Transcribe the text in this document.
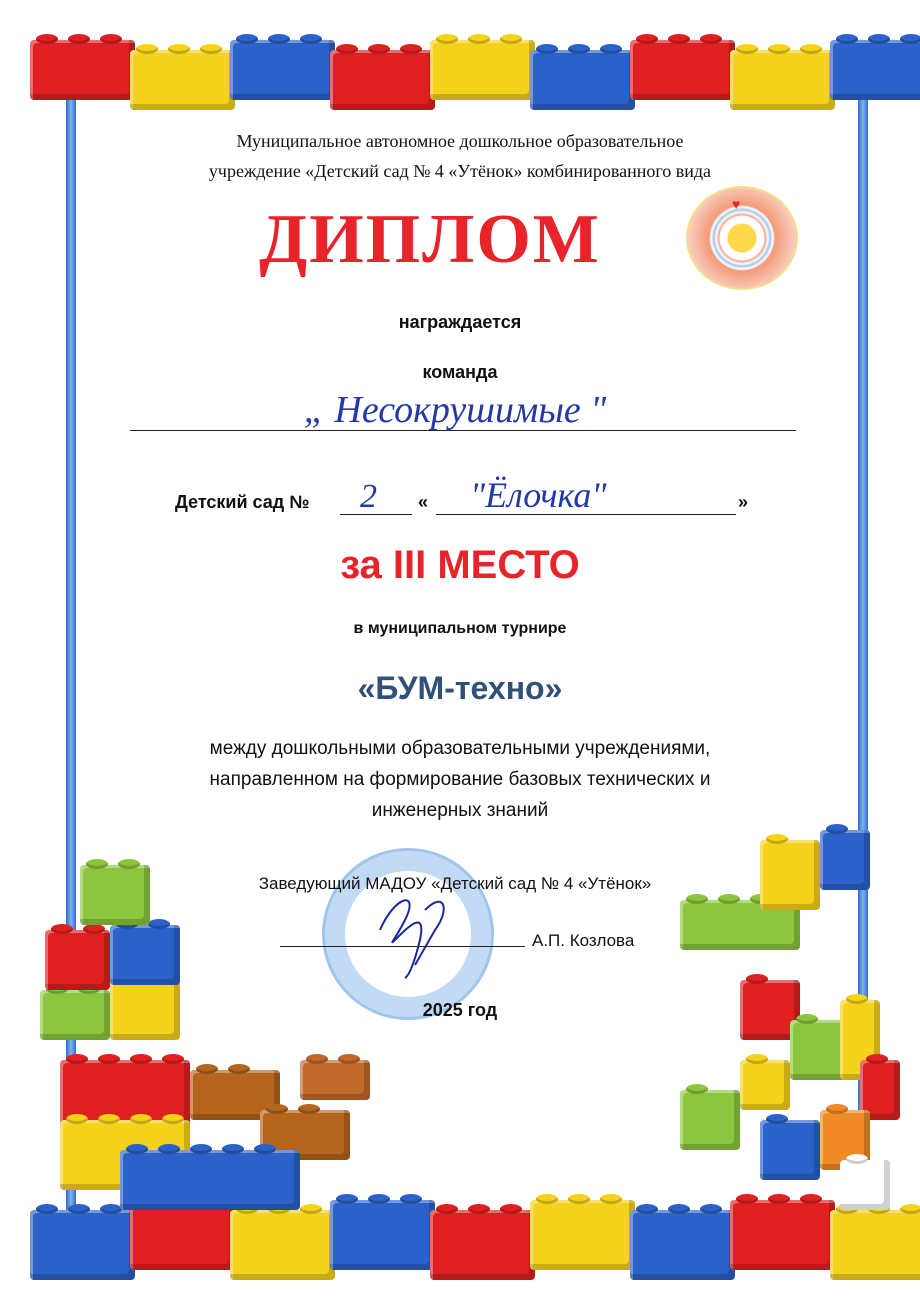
♥
Муниципальное автономное дошкольное образовательное
учреждение «Детский сад № 4 «Утёнок» комбинированного вида
ДИПЛОМ
награждается
команда
„ Несокрушимые "
Детский сад № 2 « "Ёлочка"	»
за III МЕСТО
в муниципальном турнире
«БУМ-техно»
между дошкольными образовательными учреждениями,
направленном на формирование базовых технических и
инженерных знаний
Заведующий МАДОУ «Детский сад № 4 «Утёнок»
А.П. Козлова
2025 год
